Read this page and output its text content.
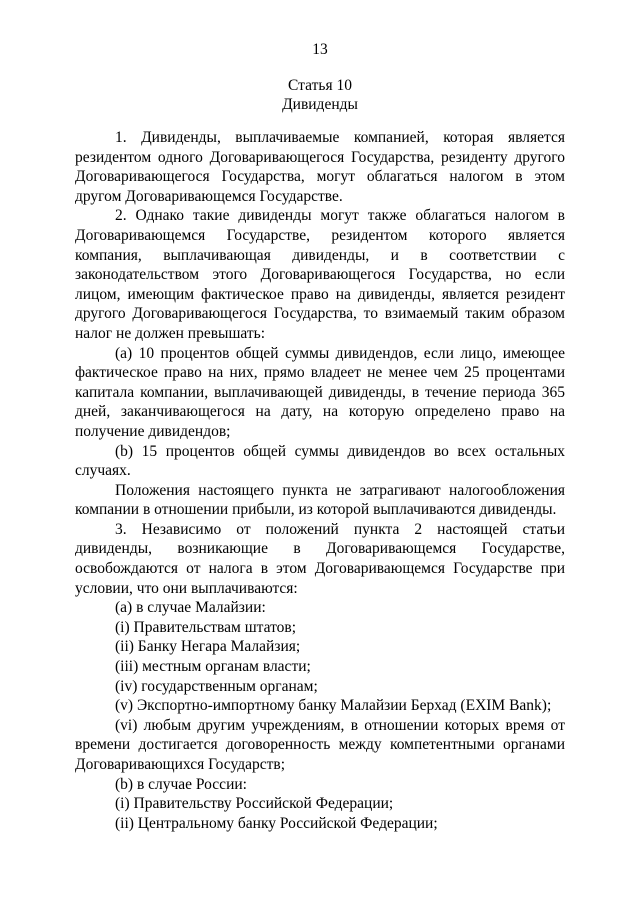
13
Статья 10
Дивиденды

1. Дивиденды, выплачиваемые компанией, которая является резидентом одного Договаривающегося Государства, резиденту другого Договаривающегося Государства, могут облагаться налогом в этом другом Договаривающемся Государстве.

2. Однако такие дивиденды могут также облагаться налогом в Договаривающемся Государстве, резидентом которого является компания, выплачивающая дивиденды, и в соответствии с законодательством этого Договаривающегося Государства, но если лицом, имеющим фактическое право на дивиденды, является резидент другого Договаривающегося Государства, то взимаемый таким образом налог не должен превышать:

(a) 10 процентов общей суммы дивидендов, если лицо, имеющее фактическое право на них, прямо владеет не менее чем 25 процентами капитала компании, выплачивающей дивиденды, в течение периода 365 дней, заканчивающегося на дату, на которую определено право на получение дивидендов;

(b) 15 процентов общей суммы дивидендов во всех остальных случаях.

Положения настоящего пункта не затрагивают налогообложения компании в отношении прибыли, из которой выплачиваются дивиденды.

3. Независимо от положений пункта 2 настоящей статьи дивиденды, возникающие в Договаривающемся Государстве, освобождаются от налога в этом Договаривающемся Государстве при условии, что они выплачиваются:

(a) в случае Малайзии:

(i) Правительствам штатов;

(ii) Банку Негара Малайзия;

(iii) местным органам власти;

(iv) государственным органам;

(v) Экспортно-импортному банку Малайзии Берхад (EXIM Bank);

(vi) любым другим учреждениям, в отношении которых время от времени достигается договоренность между компетентными органами Договаривающихся Государств;

(b) в случае России:

(i) Правительству Российской Федерации;

(ii) Центральному банку Российской Федерации;
